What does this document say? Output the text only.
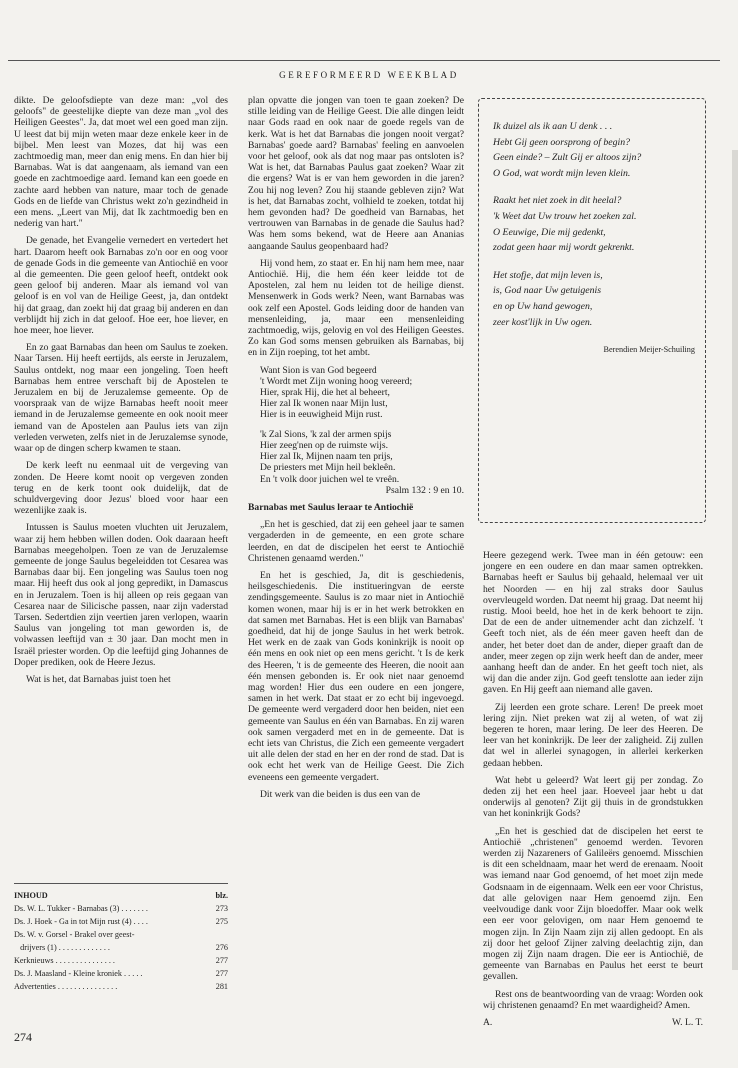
GEREFORMEERD WEEKBLAD

dikte. De geloofsdiepte van deze man: „vol des geloofs" de geestelijke diepte van deze man „vol des Heiligen Geestes". Ja, dat moet wel een goed man zijn. U leest dat bij mijn weten maar deze enkele keer in de bijbel. Men leest van Mozes, dat hij was een zachtmoedig man, meer dan enig mens. En dan hier bij Barnabas. Wat is dat aangenaam, als iemand van een goede en zachtmoedige aard. Iemand kan een goede en zachte aard hebben van nature, maar toch de genade Gods en de liefde van Christus wekt zo'n gezindheid in een mens. „Leert van Mij, dat Ik zachtmoedig ben en nederig van hart."

De genade, het Evangelie vernedert en vertedert het hart. Daarom heeft ook Barnabas zo'n oor en oog voor de genade Gods in die gemeente van Antiochië en voor al die gemeenten. Die geen geloof heeft, ontdekt ook geen geloof bij anderen. Maar als iemand vol van geloof is en vol van de Heilige Geest, ja, dan ontdekt hij dat graag, dan zoekt hij dat graag bij anderen en dan verblijdt hij zich in dat geloof. Hoe eer, hoe liever, en hoe meer, hoe liever.

En zo gaat Barnabas dan heen om Saulus te zoeken. Naar Tarsen. Hij heeft eertijds, als eerste in Jeruzalem, Saulus ontdekt, nog maar een jongeling. Toen heeft Barnabas hem entree verschaft bij de Apostelen te Jeruzalem en bij de Jeruzalemse gemeente. Op de voorspraak van de wijze Barnabas heeft nooit meer iemand in de Jeruzalemse gemeente en ook nooit meer iemand van de Apostelen aan Paulus iets van zijn verleden verweten, zelfs niet in de Jeruzalemse synode, waar op de dingen scherp kwamen te staan.

De kerk leeft nu eenmaal uit de vergeving van zonden. De Heere komt nooit op vergeven zonden terug en de kerk toont ook duidelijk, dat de schuldvergeving door Jezus' bloed voor haar een wezenlijke zaak is.

Intussen is Saulus moeten vluchten uit Jeruzalem, waar zij hem hebben willen doden. Ook daaraan heeft Barnabas meegeholpen. Toen ze van de Jeruzalemse gemeente de jonge Saulus begeleidden tot Cesarea was Barnabas daar bij. Een jongeling was Saulus toen nog maar. Hij heeft dus ook al jong gepredikt, in Damascus en in Jeruzalem. Toen is hij alleen op reis gegaan van Cesarea naar de Silicische passen, naar zijn vaderstad Tarsen. Sedertdien zijn veertien jaren verlopen, waarin Saulus van jongeling tot man geworden is, de volwassen leeftijd van ± 30 jaar. Dan mocht men in Israël priester worden. Op die leeftijd ging Johannes de Doper prediken, ook de Heere Jezus.

Wat is het, dat Barnabas juist toen het

plan opvatte die jongen van toen te gaan zoeken? De stille leiding van de Heilige Geest. Die alle dingen leidt naar Gods raad en ook naar de goede regels van de kerk. Wat is het dat Barnabas die jongen nooit vergat? Barnabas' goede aard? Barnabas' feeling en aanvoelen voor het geloof, ook als dat nog maar pas ontsloten is? Wat is het, dat Barnabas Paulus gaat zoeken? Waar zit die ergens? Wat is er van hem geworden in die jaren? Zou hij nog leven? Zou hij staande gebleven zijn? Wat is het, dat Barnabas zocht, volhield te zoeken, totdat hij hem gevonden had? De goedheid van Barnabas, het vertrouwen van Barnabas in de genade die Saulus had? Was hem soms bekend, wat de Heere aan Ananias aangaande Saulus geopenbaard had?

Hij vond hem, zo staat er. En hij nam hem mee, naar Antiochië. Hij, die hem één keer leidde tot de Apostelen, zal hem nu leiden tot de heilige dienst. Mensenwerk in Gods werk? Neen, want Barnabas was ook zelf een Apostel. Gods leiding door de handen van mensenleiding, ja, maar een mensenleiding zachtmoedig, wijs, gelovig en vol des Heiligen Geestes. Zo kan God soms mensen gebruiken als Barnabas, bij en in Zijn roeping, tot het ambt.

Want Sion is van God begeerd
't Wordt met Zijn woning hoog vereerd;
Hier, sprak Hij, die het al beheert,
Hier zal Ik wonen naar Mijn lust,
Hier is in eeuwigheid Mijn rust.
'k Zal Sions, 'k zal der armen spijs
Hier zeeg'nen op de ruimste wijs.
Hier zal Ik, Mijnen naam ten prijs,
De priesters met Mijn heil bekleên.
En 't volk door juichen wel te vreên.
Psalm 132 : 9 en 10.

Barnabas met Saulus leraar te Antiochië

„En het is geschied, dat zij een geheel jaar te samen vergaderden in de gemeente, en een grote schare leerden, en dat de discipelen het eerst te Antiochië Christenen genaamd werden."

En het is geschied, Ja, dit is geschiedenis, heilsgeschiedenis. Die institueringvan de eerste zendingsgemeente. Saulus is zo maar niet in Antiochië komen wonen, maar hij is er in het werk betrokken en dat samen met Barnabas. Het is een blijk van Barnabas' goedheid, dat hij de jonge Saulus in het werk betrok. Het werk en de zaak van Gods koninkrijk is nooit op één mens en ook niet op een mens gericht. 't Is de kerk des Heeren, 't is de gemeente des Heeren, die nooit aan één mensen gebonden is. Er ook niet naar genoemd mag worden! Hier dus een oudere en een jongere, samen in het werk. Dat staat er zo echt bij ingevoegd. De gemeente werd vergaderd door hen beiden, niet een gemeente van Saulus en één van Barnabas. En zij waren ook samen vergaderd met en in de gemeente. Dat is echt iets van Christus, die Zich een gemeente vergadert uit alle delen der stad en her en der rond de stad. Dat is ook echt het werk van de Heilige Geest. Die Zich eveneens een gemeente vergadert.

Dit werk van die beiden is dus een van de

Ik duizel als ik aan U denk . . .
Hebt Gij geen oorsprong of begin?
Geen einde? – Zult Gij er altoos zijn?
O God, wat wordt mijn leven klein.
Raakt het niet zoek in dit heelal?
'k Weet dat Uw trouw het zoeken zal.
O Eeuwige, Die mij gedenkt,
zodat geen haar mij wordt gekrenkt.
Het stofje, dat mijn leven is,
is, God naar Uw getuigenis
en op Uw hand gewogen,
zeer kost'lijk in Uw ogen.
Berendien Meijer-Schuiling

Heere gezegend werk. Twee man in één getouw: een jongere en een oudere en dan maar samen optrekken. Barnabas heeft er Saulus bij gehaald, helemaal ver uit het Noorden — en hij zal straks door Saulus overvleugeld worden. Dat neemt hij graag. Dat neemt hij rustig. Mooi beeld, hoe het in de kerk behoort te zijn. Dat de een de ander uitnemender acht dan zichzelf. 't Geeft toch niet, als de één meer gaven heeft dan de ander, het beter doet dan de ander, dieper graaft dan de ander, meer zegen op zijn werk heeft dan de ander, meer aanhang heeft dan de ander. En het geeft toch niet, als wij dan die ander zijn. God geeft tenslotte aan ieder zijn gaven. En Hij geeft aan niemand alle gaven.

Zij leerden een grote schare. Leren! De preek moet lering zijn. Niet preken wat zij al weten, of wat zij begeren te horen, maar lering. De leer des Heeren. De leer van het koninkrijk. De leer der zaligheid. Zij zullen dat wel in allerlei synagogen, in allerlei kerkerken gedaan hebben.

Wat hebt u geleerd? Wat leert gij per zondag. Zo deden zij het een heel jaar. Hoeveel jaar hebt u dat onderwijs al genoten? Zijt gij thuis in de grondstukken van het koninkrijk Gods?

„En het is geschied dat de discipelen het eerst te Antiochië „christenen" genoemd werden. Tevoren werden zij Nazareners of Galileërs genoemd. Misschien is dit een scheldnaam, maar het werd de erenaam. Nooit was iemand naar God genoemd, of het moet zijn mede Godsnaam in de eigennaam. Welk een eer voor Christus, dat alle gelovigen naar Hem genoemd zijn. Een veelvoudige dank voor Zijn bloedoffer. Maar ook welk een eer voor gelovigen, om naar Hem genoemd te mogen zijn. In Zijn Naam zijn zij allen gedoopt. En als zij door het geloof Zijner zalving deelachtig zijn, dan mogen zij Zijn naam dragen. Die eer is Antiochië, de gemeente van Barnabas en Paulus het eerst te beurt gevallen.

Rest ons de beantwoording van de vraag: Worden ook wij christenen genaamd? En met waardigheid? Amen.

A.	W. L. T.
INHOUD	blz.
Ds. W. L. Tukker - Barnabas (3) . . . . . . .	273
Ds. J. Hoek - Ga in tot Mijn rust (4) . . . .	275
Ds. W. v. Gorsel - Brakel over geest-
drijvers (1) . . . . . . . . . . . . .	276
Kerknieuws . . . . . . . . . . . . . . .	277
Ds. J. Maasland - Kleine kroniek . . . . .	277
Advertenties . . . . . . . . . . . . . . .	281
274
